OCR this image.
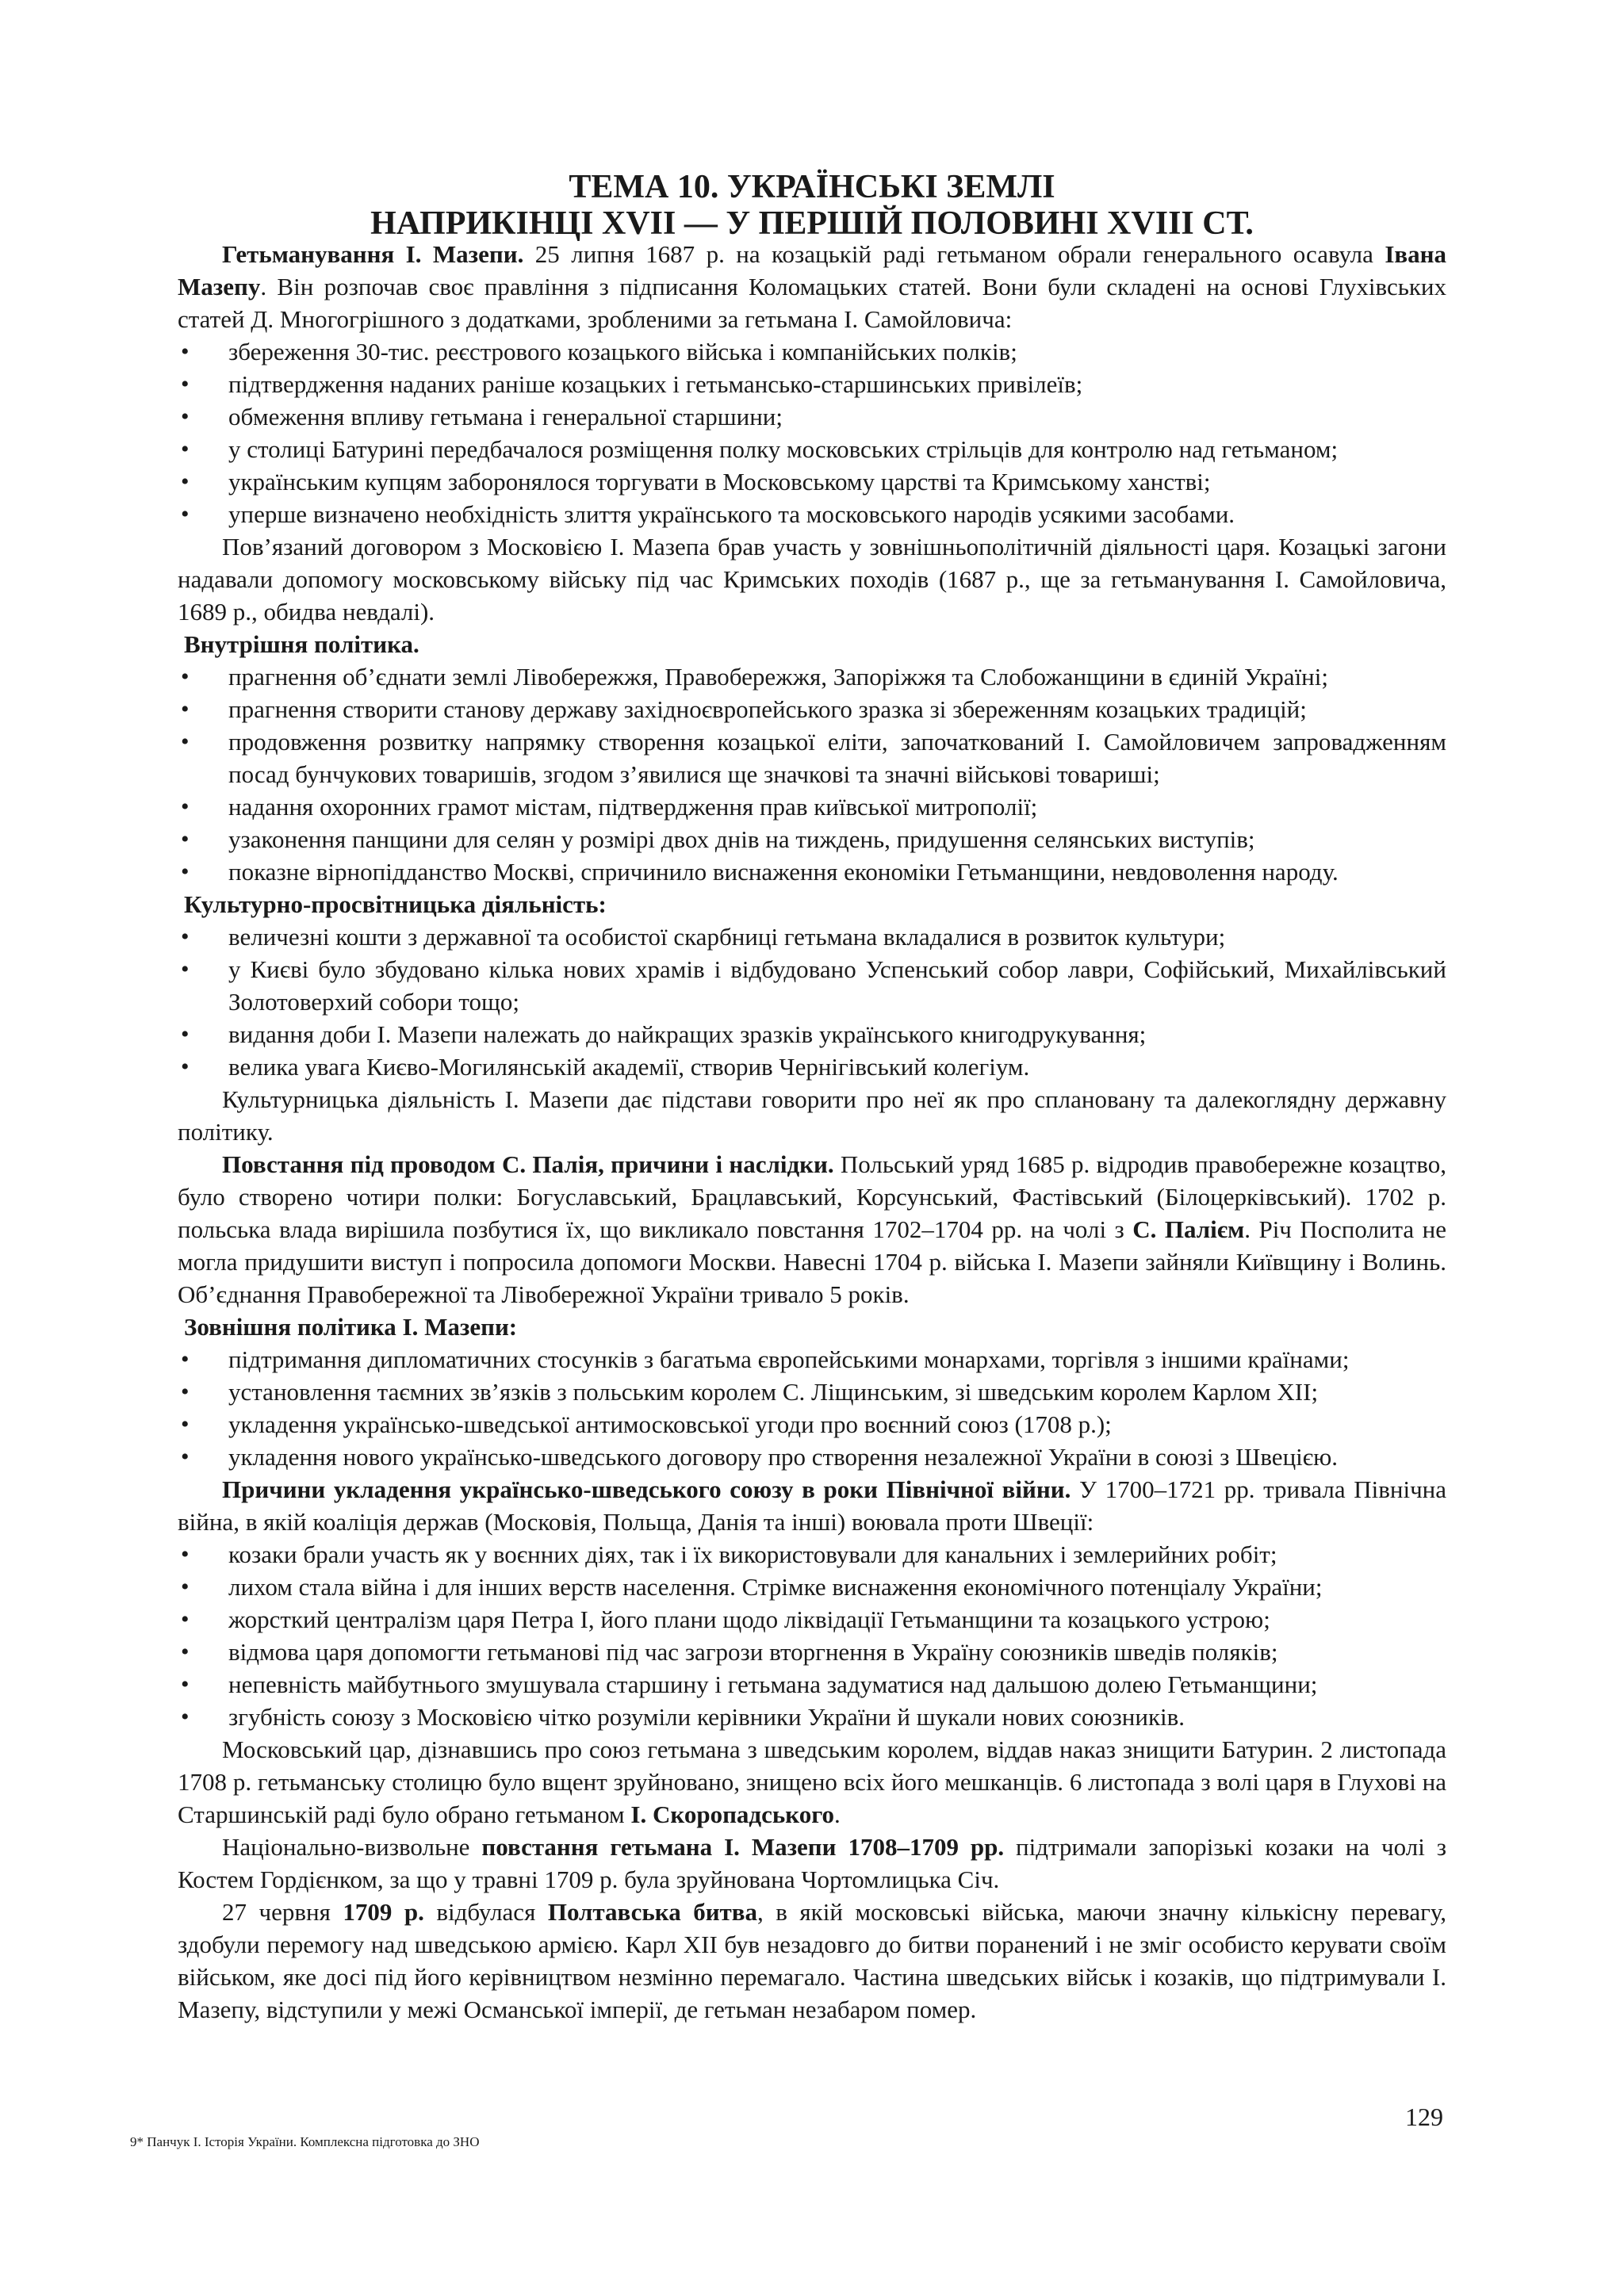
ТЕМА 10. УКРАЇНСЬКІ ЗЕМЛІ
НАПРИКІНЦІ XVII — У ПЕРШІЙ ПОЛОВИНІ XVIII СТ.

Гетьманування І. Мазепи. 25 липня 1687 р. на козацькій раді гетьманом обрали генерального осавула Івана Мазепу. Він розпочав своє правління з підписання Коломацьких статей. Вони були складені на основі Глухівських статей Д. Многогрішного з додатками, зробленими за гетьмана І. Самойловича:

• збереження 30-тис. реєстрового козацького війська і компанійських полків;
• підтвердження наданих раніше козацьких і гетьмансько-старшинських привілеїв;
• обмеження впливу гетьмана і генеральної старшини;
• у столиці Батурині передбачалося розміщення полку московських стрільців для контролю над гетьманом;
• українським купцям заборонялося торгувати в Московському царстві та Кримському ханстві;
• уперше визначено необхідність злиття українського та московського народів усякими засобами.

Пов’язаний договором з Московією І. Мазепа брав участь у зовнішньополітичній діяльності царя. Козацькі загони надавали допомогу московському війську під час Кримських походів (1687 р., ще за гетьманування І. Самойловича, 1689 р., обидва невдалі).

Внутрішня політика.

• прагнення об’єднати землі Лівобережжя, Правобережжя, Запоріжжя та Слобожанщини в єдиній Україні;
• прагнення створити станову державу західноєвропейського зразка зі збереженням козацьких традицій;
• продовження розвитку напрямку створення козацької еліти, започаткований І. Самойловичем запровадженням посад бунчукових товаришів, згодом з’явилися ще значкові та значні військові товариші;
• надання охоронних грамот містам, підтвердження прав київської митрополії;
• узаконення панщини для селян у розмірі двох днів на тиждень, придушення селянських виступів;
• показне вірнопідданство Москві, спричинило виснаження економіки Гетьманщини, невдоволення народу.

Культурно-просвітницька діяльність:

• величезні кошти з державної та особистої скарбниці гетьмана вкладалися в розвиток культури;
• у Києві було збудовано кілька нових храмів і відбудовано Успенський собор лаври, Софійський, Михайлівський Золотоверхий собори тощо;
• видання доби І. Мазепи належать до найкращих зразків українського книгодрукування;
• велика увага Києво-Могилянській академії, створив Чернігівський колегіум.

Культурницька діяльність І. Мазепи дає підстави говорити про неї як про сплановану та далекоглядну державну політику.

Повстання під проводом С. Палія, причини і наслідки. Польський уряд 1685 р. відродив правобережне козацтво, було створено чотири полки: Богуславський, Брацлавський, Корсунський, Фастівський (Білоцерківський). 1702 р. польська влада вирішила позбутися їх, що викликало повстання 1702–1704 рр. на чолі з С. Палієм. Річ Посполита не могла придушити виступ і попросила допомоги Москви. Навесні 1704 р. війська І. Мазепи зайняли Київщину і Волинь. Об’єднання Правобережної та Лівобережної України тривало 5 років.

Зовнішня політика І. Мазепи:

• підтримання дипломатичних стосунків з багатьма європейськими монархами, торгівля з іншими країнами;
• установлення таємних зв’язків з польським королем С. Ліщинським, зі шведським королем Карлом XII;
• укладення українсько-шведської антимосковської угоди про воєнний союз (1708 р.);
• укладення нового українсько-шведського договору про створення незалежної України в союзі з Швецією.

Причини укладення українсько-шведського союзу в роки Північної війни. У 1700–1721 рр. тривала Північна війна, в якій коаліція держав (Московія, Польща, Данія та інші) воювала проти Швеції:

• козаки брали участь як у воєнних діях, так і їх використовували для канальних і землерийних робіт;
• лихом стала війна і для інших верств населення. Стрімке виснаження економічного потенціалу України;
• жорсткий централізм царя Петра І, його плани щодо ліквідації Гетьманщини та козацького устрою;
• відмова царя допомогти гетьманові під час загрози вторгнення в Україну союзників шведів поляків;
• непевність майбутнього змушувала старшину і гетьмана задуматися над дальшою долею Гетьманщини;
• згубність союзу з Московією чітко розуміли керівники України й шукали нових союзників.

Московський цар, дізнавшись про союз гетьмана з шведським королем, віддав наказ знищити Батурин. 2 листопада 1708 р. гетьманську столицю було вщент зруйновано, знищено всіх його мешканців. 6 листопада з волі царя в Глухові на Старшинській раді було обрано гетьманом І. Скоропадського.

Національно-визвольне повстання гетьмана І. Мазепи 1708–1709 рр. підтримали запорізькі козаки на чолі з Костем Гордієнком, за що у травні 1709 р. була зруйнована Чортомлицька Січ.

27 червня 1709 р. відбулася Полтавська битва, в якій московські війська, маючи значну кількісну перевагу, здобули перемогу над шведською армією. Карл XII був незадовго до битви поранений і не зміг особисто керувати своїм військом, яке досі під його керівництвом незмінно перемагало. Частина шведських військ і козаків, що підтримували І. Мазепу, відступили у межі Османської імперії, де гетьман незабаром помер.

129
9* Панчук І. Історія України. Комплексна підготовка до ЗНО
